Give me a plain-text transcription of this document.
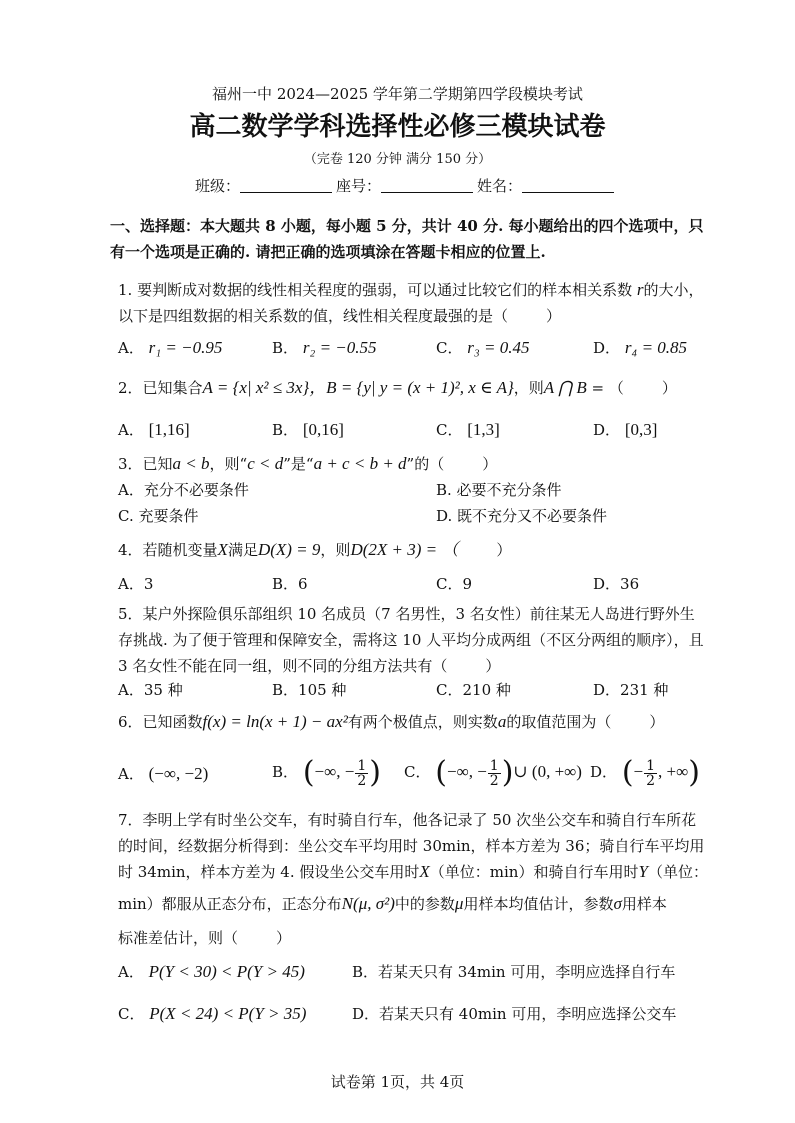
福州一中 2024—2025 学年第二学期第四学段模块考试
高二数学学科选择性必修三模块试卷
（完卷 120 分钟 满分 150 分）
班级：	座号：	姓名：
一、选择题：本大题共 8 小题，每小题 5 分，共计 40 分. 每小题给出的四个选项中，只
有一个选项是正确的. 请把正确的选项填涂在答题卡相应的位置上.
1. 要判断成对数据的线性相关程度的强弱，可以通过比较它们的样本相关系数 r的大小，
以下是四组数据的相关系数的值，线性相关程度最强的是（	）
A． r₁ = −0.95	B． r₂ = −0.55	C． r₃ = 0.45	D． r₄ = 0.85
2．已知集合A = {x| x² ≤ 3x}，B = {y| y = (x + 1)², x ∈ A}，则A ⋂ B = （	）
A． [1,16]	B． [0,16]	C． [1,3]	D． [0,3]
3．已知a < b，则“c < d”是“a + c < b + d”的（	）
A．充分不必要条件	B. 必要不充分条件
C. 充要条件	D. 既不充分又不必要条件
4．若随机变量X满足D(X) = 9，则D(2X + 3) = （	）
A．3	B．6	C．9	D．36
5．某户外探险俱乐部组织 10 名成员（7 名男性，3 名女性）前往某无人岛进行野外生
存挑战. 为了便于管理和保障安全，需将这 10 人平均分成两组（不区分两组的顺序），且
3 名女性不能在同一组，则不同的分组方法共有（	）
A．35 种	B．105 种	C．210 种	D．231 种
6．已知函数f(x) = ln(x + 1) − ax²有两个极值点，则实数a的取值范围为（	）
A． (−∞, −2)	B． (−∞, − $\frac{1}{2}$ ) C． (−∞, − $\frac{1}{2}$ )∪ (0, +∞) D． (− $\frac{1}{2}$ , +∞)
7．李明上学有时坐公交车，有时骑自行车，他各记录了 50 次坐公交车和骑自行车所花
的时间，经数据分析得到：坐公交车平均用时 30min，样本方差为 36；骑自行车平均用
时 34min，样本方差为 4. 假设坐公交车用时X（单位：min）和骑自行车用时Y（单位：
min）都服从正态分布，正态分布N(μ, σ²)中的参数μ用样本均值估计，参数σ用样本
标准差估计，则（	）
A． P(Y < 30) < P(Y > 45)	B．若某天只有 34min 可用，李明应选择自行车
C． P(X < 24) < P(Y > 35)	D．若某天只有 40min 可用，李明应选择公交车
试卷第 1页，共 4页
